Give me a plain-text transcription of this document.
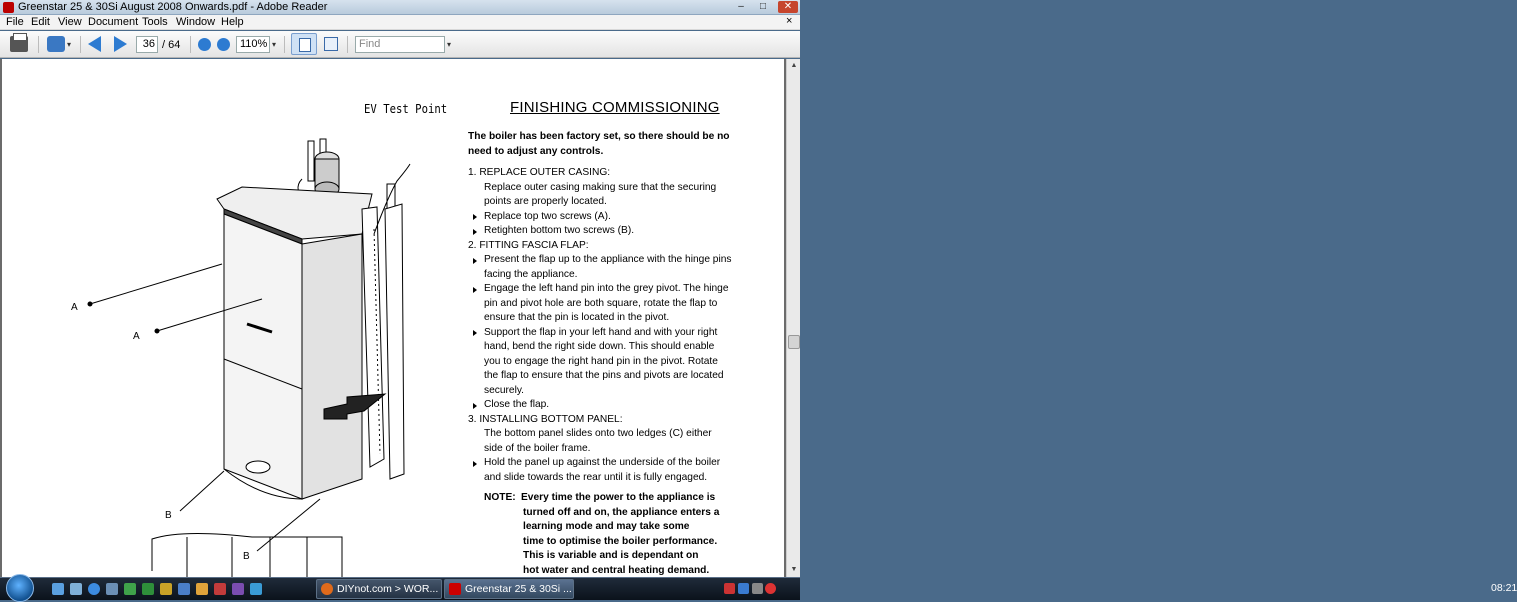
Greenstar 25 & 30Si August 2008 Onwards.pdf - Adobe Reader	–	□	✕
File Edit View Document Tools Window Help	×
▾	36 / 64	110% ▾	Find	▾
EV Test Point
A
A
B
B
FINISHING COMMISSIONING
The boiler has been factory set, so there should be no need to adjust any controls.
1. REPLACE OUTER CASING:
Replace outer casing making sure that the securing
points are properly located.
Replace top two screws (A).
Retighten bottom two screws (B).
2. FITTING FASCIA FLAP:
Present the flap up to the appliance with the hinge pins
facing the appliance.
Engage the left hand pin into the grey pivot. The hinge
pin and pivot hole are both square, rotate the flap to
ensure that the pin is located in the pivot.
Support the flap in your left hand and with your right
hand, bend the right side down. This should enable
you to engage the right hand pin in the pivot. Rotate
the flap to ensure that the pins and pivots are located
securely.
Close the flap.
3. INSTALLING BOTTOM PANEL:
The bottom panel slides onto two ledges (C) either
side of the boiler frame.
Hold the panel up against the underside of the boiler
and slide towards the rear until it is fully engaged.
NOTE: Every time the power to the appliance is
turned off and on, the appliance enters a
learning mode and may take some
time to optimise the boiler performance.
This is variable and is dependant on
hot water and central heating demand.
▲
▼
DIYnot.com > WOR...	Greenstar 25 & 30Si ...	08:21
